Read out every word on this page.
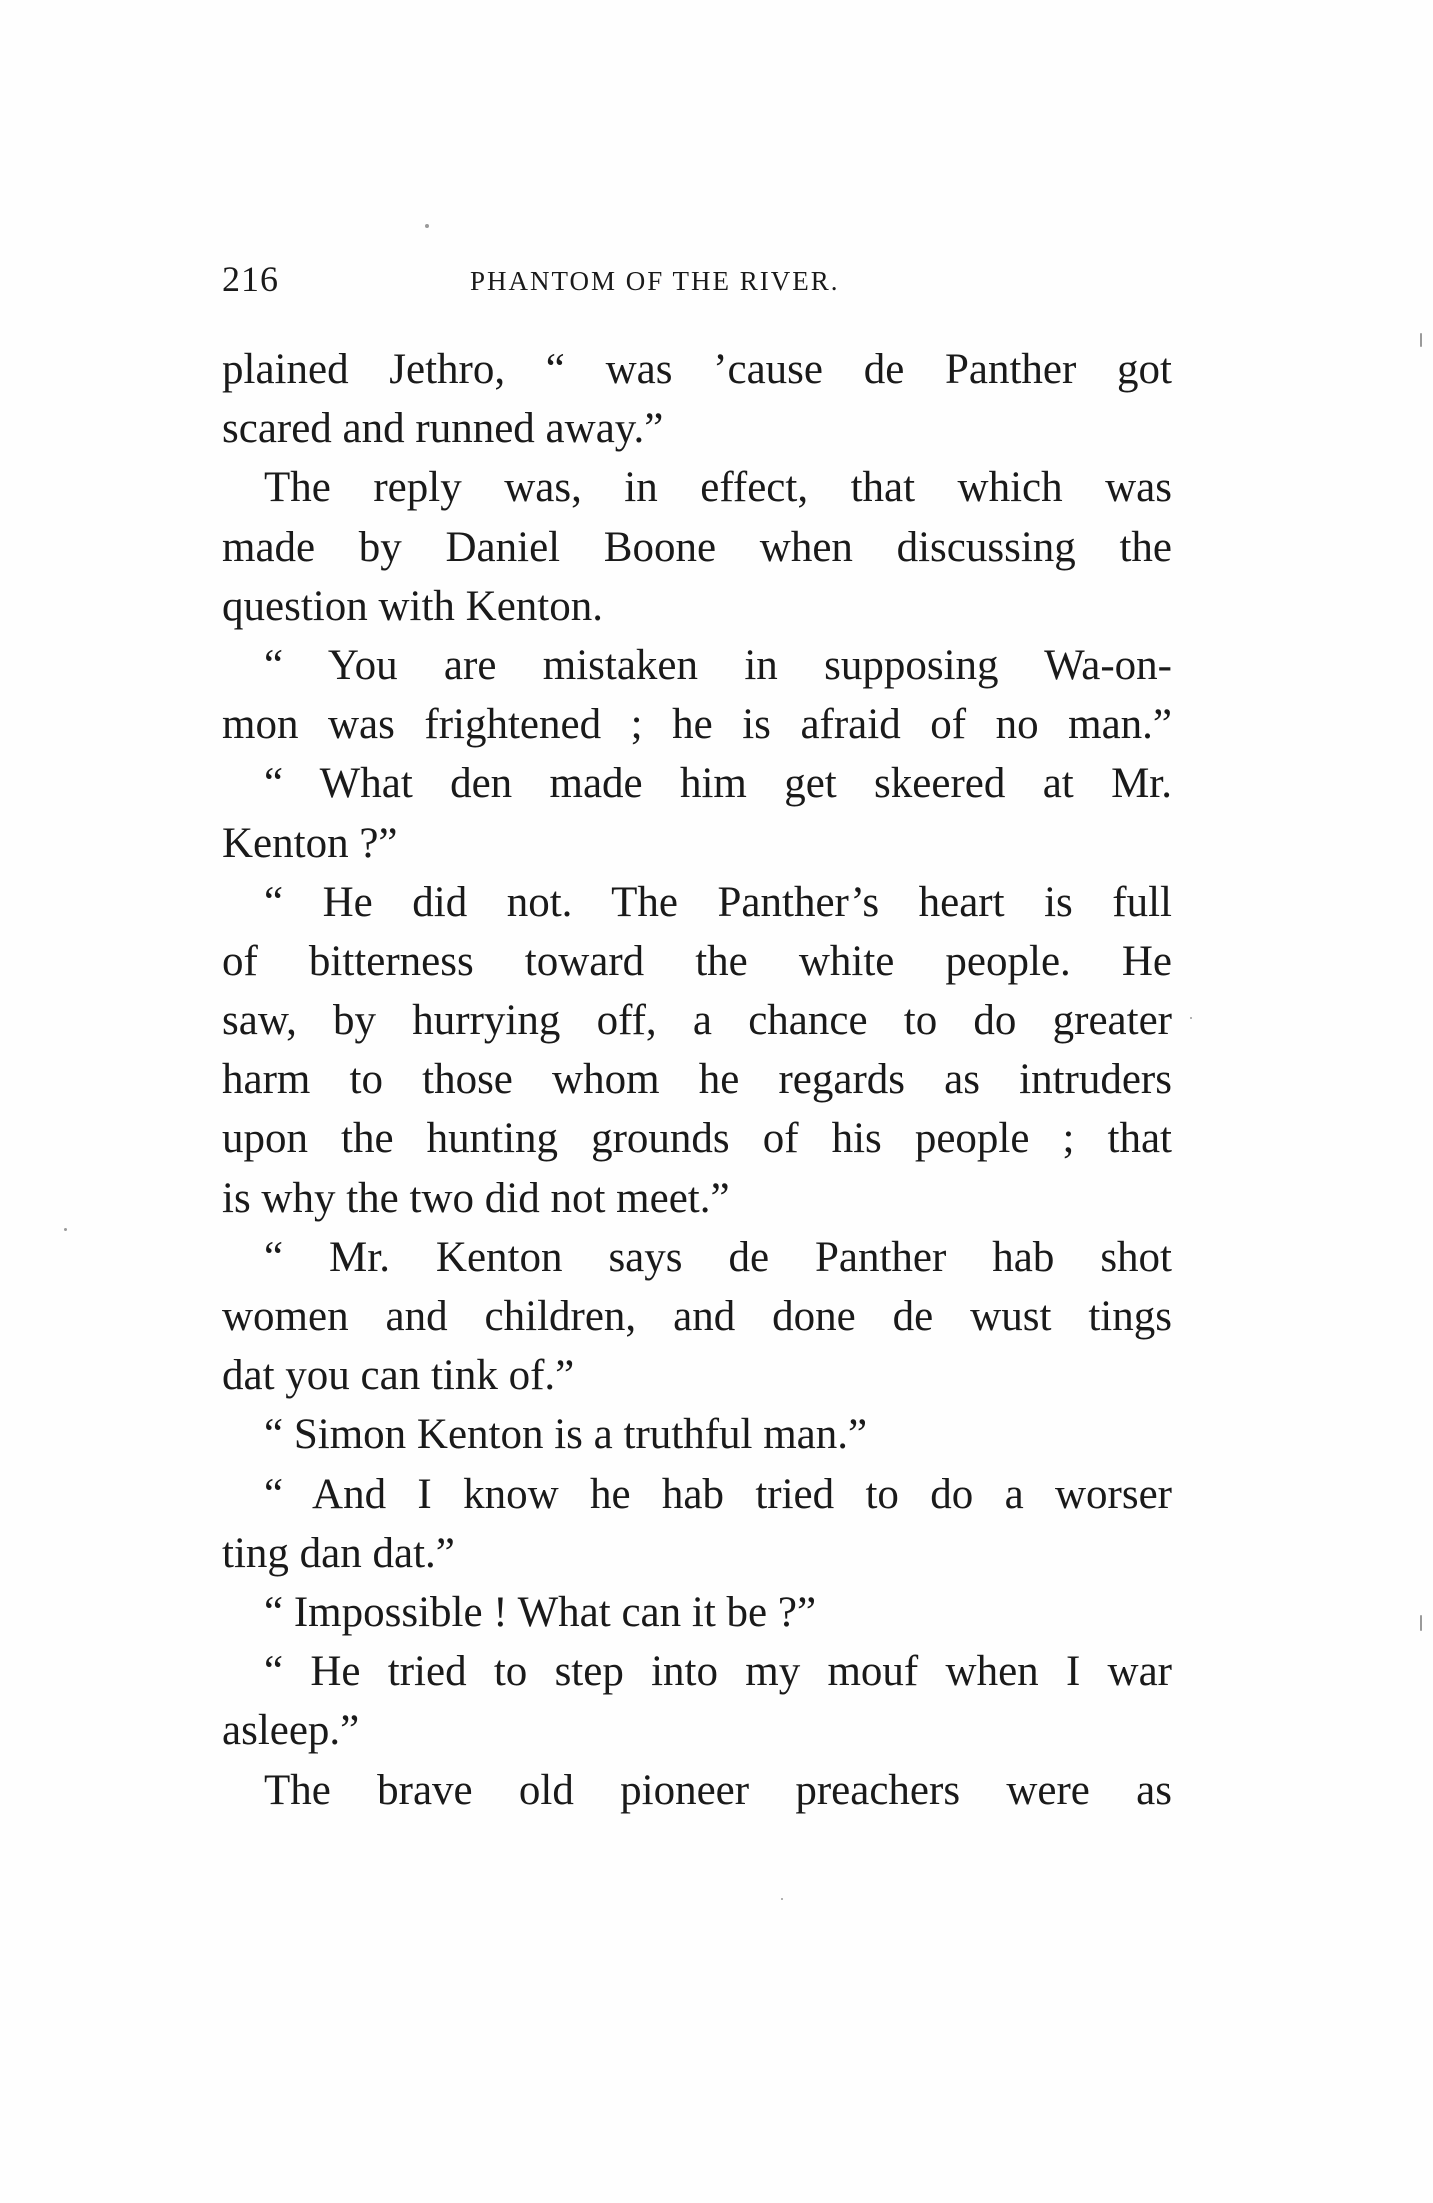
216	PHANTOM OF THE RIVER.
plained Jethro, “ was ’cause de Panther got
scared and runned away.”
The reply was, in effect, that which was
made by Daniel Boone when discussing the
question with Kenton.
“ You are mistaken in supposing Wa-on-
mon was frightened ; he is afraid of no man.”
“ What den made him get skeered at Mr.
Kenton ?”
“ He did not. The Panther’s heart is full
of bitterness toward the white people. He
saw, by hurrying off, a chance to do greater
harm to those whom he regards as intruders
upon the hunting grounds of his people ; that
is why the two did not meet.”
“ Mr. Kenton says de Panther hab shot
women and children, and done de wust tings
dat you can tink of.”
“ Simon Kenton is a truthful man.”
“ And I know he hab tried to do a worser
ting dan dat.”
“ Impossible ! What can it be ?”
“ He tried to step into my mouf when I war
asleep.”
The brave old pioneer preachers were as
